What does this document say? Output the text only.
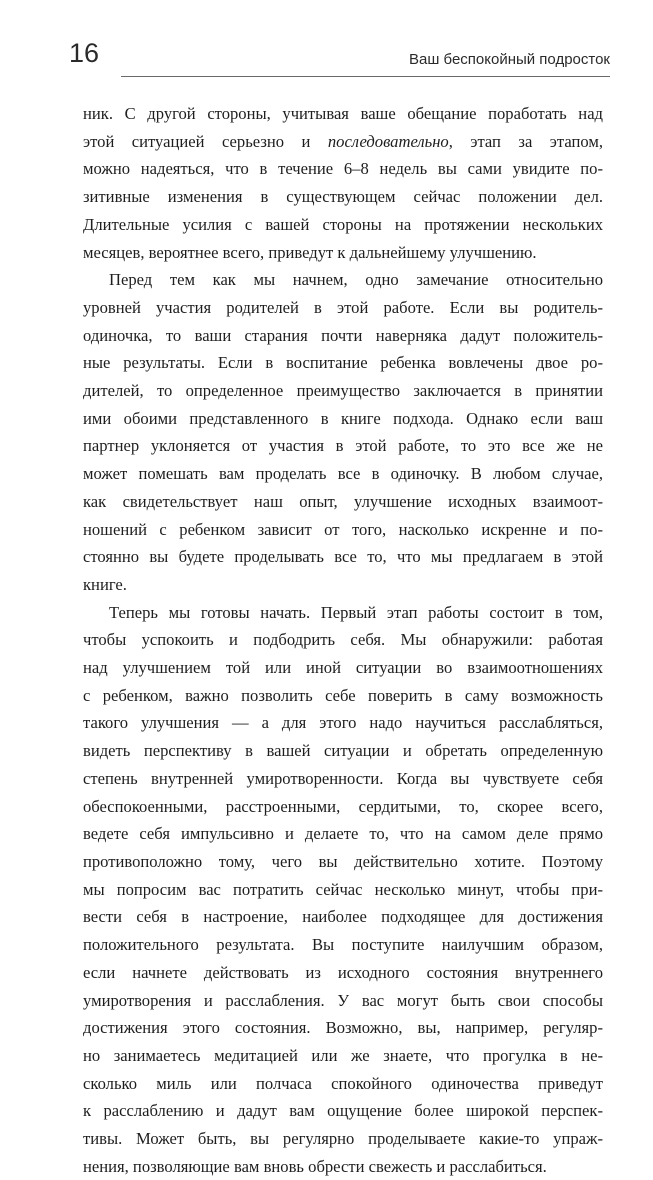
16	Ваш беспокойный подросток
ник. С другой стороны, учитывая ваше обещание поработать над
этой ситуацией серьезно и последовательно, этап за этапом,
можно надеяться, что в течение 6–8 недель вы сами увидите по-
зитивные изменения в существующем сейчас положении дел.
Длительные усилия с вашей стороны на протяжении нескольких
месяцев, вероятнее всего, приведут к дальнейшему улучшению.
Перед тем как мы начнем, одно замечание относительно
уровней участия родителей в этой работе. Если вы родитель-
одиночка, то ваши старания почти наверняка дадут положитель-
ные результаты. Если в воспитание ребенка вовлечены двое ро-
дителей, то определенное преимущество заключается в принятии
ими обоими представленного в книге подхода. Однако если ваш
партнер уклоняется от участия в этой работе, то это все же не
может помешать вам проделать все в одиночку. В любом случае,
как свидетельствует наш опыт, улучшение исходных взаимоот-
ношений с ребенком зависит от того, насколько искренне и по-
стоянно вы будете проделывать все то, что мы предлагаем в этой
книге.
Теперь мы готовы начать. Первый этап работы состоит в том,
чтобы успокоить и подбодрить себя. Мы обнаружили: работая
над улучшением той или иной ситуации во взаимоотношениях
с ребенком, важно позволить себе поверить в саму возможность
такого улучшения — а для этого надо научиться расслабляться,
видеть перспективу в вашей ситуации и обретать определенную
степень внутренней умиротворенности. Когда вы чувствуете себя
обеспокоенными, расстроенными, сердитыми, то, скорее всего,
ведете себя импульсивно и делаете то, что на самом деле прямо
противоположно тому, чего вы действительно хотите. Поэтому
мы попросим вас потратить сейчас несколько минут, чтобы при-
вести себя в настроение, наиболее подходящее для достижения
положительного результата. Вы поступите наилучшим образом,
если начнете действовать из исходного состояния внутреннего
умиротворения и расслабления. У вас могут быть свои способы
достижения этого состояния. Возможно, вы, например, регуляр-
но занимаетесь медитацией или же знаете, что прогулка в не-
сколько миль или полчаса спокойного одиночества приведут
к расслаблению и дадут вам ощущение более широкой перспек-
тивы. Может быть, вы регулярно проделываете какие-то упраж-
нения, позволяющие вам вновь обрести свежесть и расслабиться.
